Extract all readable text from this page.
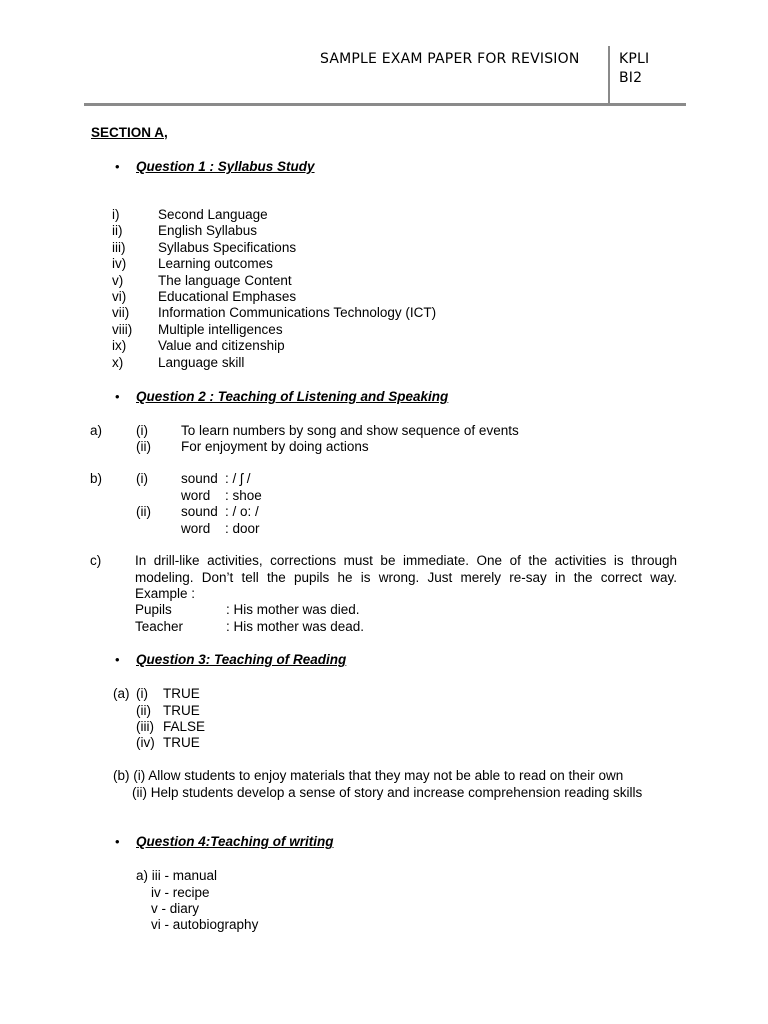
SAMPLE EXAM PAPER FOR REVISION	KPLI
BI2
SECTION A,
• Question 1 : Syllabus Study
i)	Second Language
ii)	English Syllabus
iii) Syllabus Specifications
iv) Learning outcomes
v)	The language Content
vi) Educational Emphases
vii) Information Communications Technology (ICT)
viii) Multiple intelligences
ix) Value and citizenship
x)	Language skill
• Question 2 : Teaching of Listening and Speaking
a)	(i) To learn numbers by song and show sequence of events
(ii) For enjoyment by doing actions
b)	(i) sound : / ʃ /
word : shoe
(ii) sound : / o: /
word : door
c)	In drill-like activities, corrections must be immediate. One of the activities is through
modeling. Don’t tell the pupils he is wrong. Just merely re-say in the correct way.
Example :
Pupils	: His mother was died.
Teacher	: His mother was dead.
• Question 3: Teaching of Reading
(a) (i) TRUE
(ii) TRUE
(iii) FALSE
(iv) TRUE
(b) (i) Allow students to enjoy materials that they may not be able to read on their own
(ii) Help students develop a sense of story and increase comprehension reading skills
• Question 4:Teaching of writing
a) iii - manual
iv - recipe
v - diary
vi - autobiography
